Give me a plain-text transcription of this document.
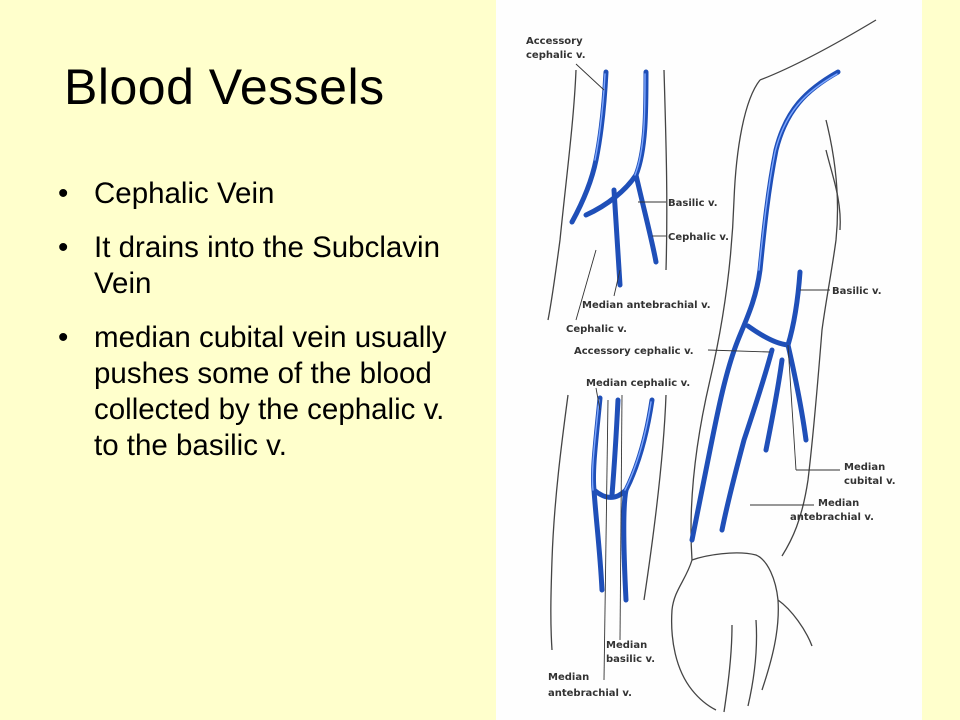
Blood Vessels
• Cephalic Vein
• It drains into the Subclavin Vein
• median cubital vein usually pushes some of the blood collected by the cephalic v. to the basilic v.
Accessory
cephalic v.
Basilic v.
Cephalic v.
Median antebrachial v.
Cephalic v.
Accessory cephalic v.
Basilic v.
Median cephalic v.
Median
cubital v.
Median
antebrachial v.
Median
basilic v.
Median
antebrachial v.
